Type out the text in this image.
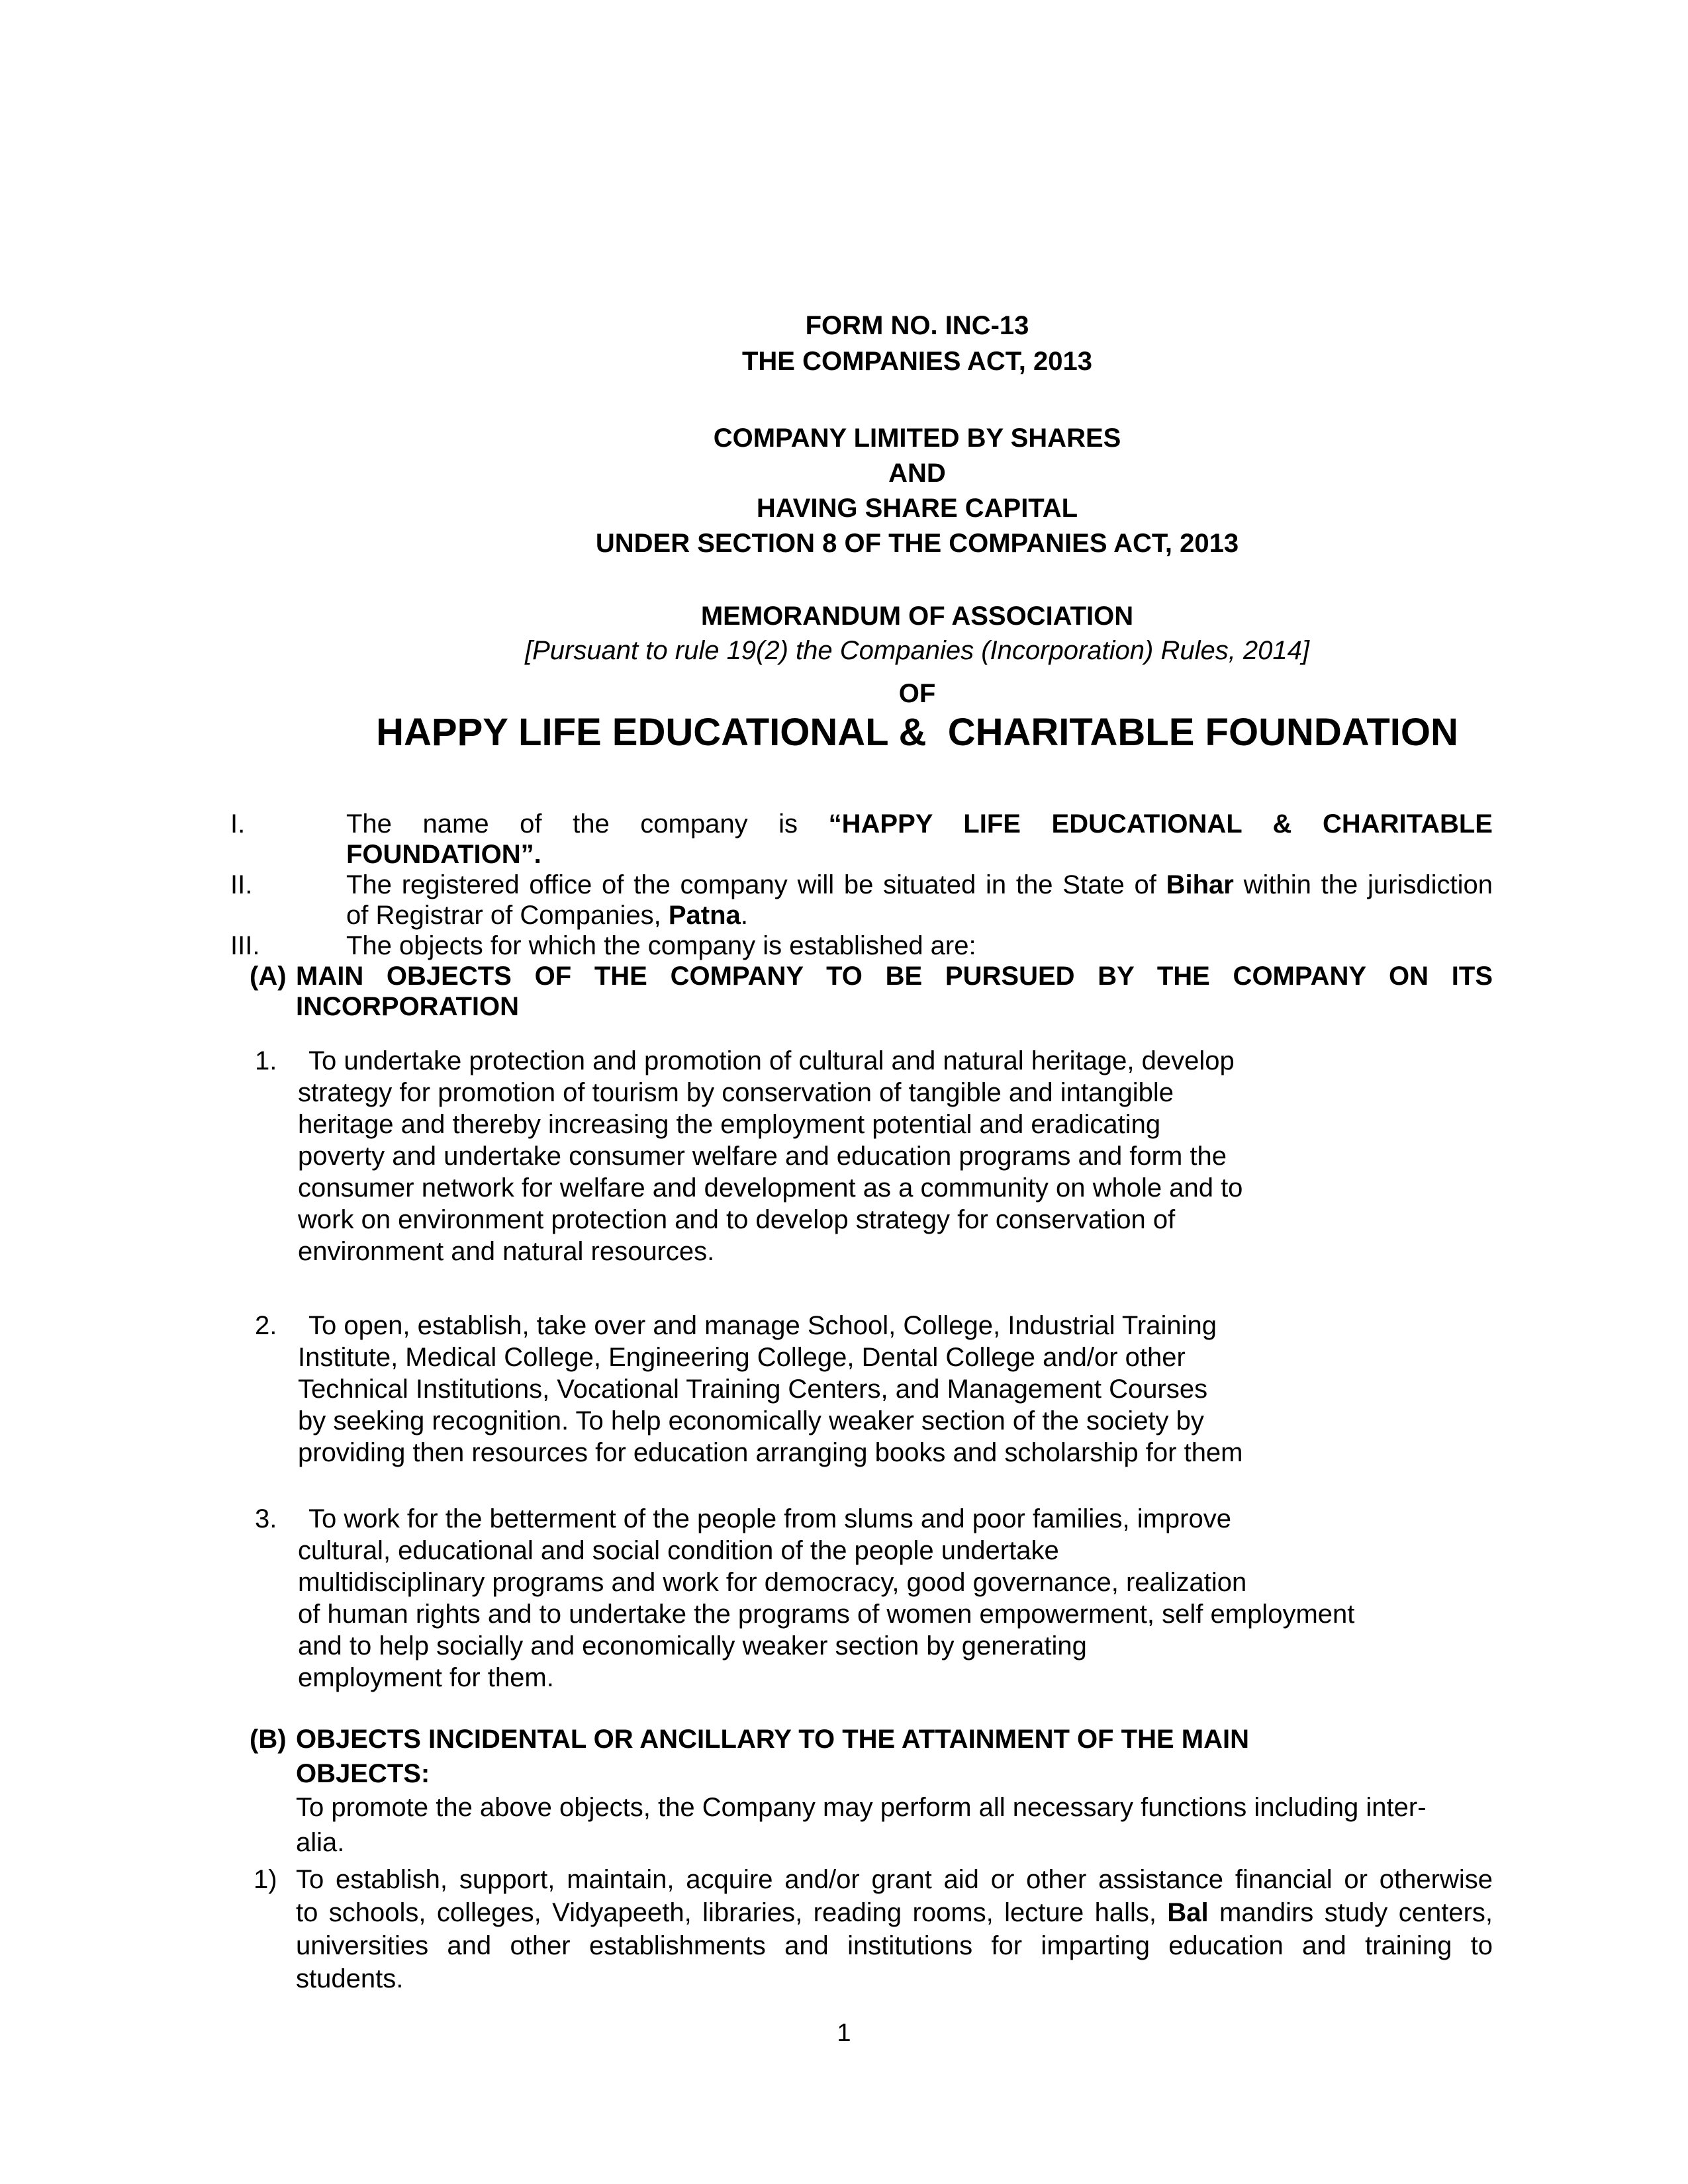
FORM NO. INC-13
THE COMPANIES ACT, 2013
COMPANY LIMITED BY SHARES
AND
HAVING SHARE CAPITAL
UNDER SECTION 8 OF THE COMPANIES ACT, 2013
MEMORANDUM OF ASSOCIATION
[Pursuant to rule 19(2) the Companies (Incorporation) Rules, 2014]
OF
HAPPY LIFE EDUCATIONAL &  CHARITABLE FOUNDATION
I.	The name of the company is “HAPPY LIFE EDUCATIONAL & CHARITABLE
FOUNDATION”.
II.	The registered office of the company will be situated in the State of Bihar within the jurisdiction
of Registrar of Companies, Patna.
III.	The objects for which the company is established are:
(A) MAIN OBJECTS OF THE COMPANY TO BE PURSUED BY THE COMPANY ON ITS
INCORPORATION
1.	To undertake protection and promotion of cultural and natural heritage, develop
strategy for promotion of tourism by conservation of tangible and intangible
heritage and thereby increasing the employment potential and eradicating
poverty and undertake consumer welfare and education programs and form the
consumer network for welfare and development as a community on whole and to
work on environment protection and to develop strategy for conservation of
environment and natural resources.
2.	To open, establish, take over and manage School, College, Industrial Training
Institute, Medical College, Engineering College, Dental College and/or other
Technical Institutions, Vocational Training Centers, and Management Courses
by seeking recognition. To help economically weaker section of the society by
providing then resources for education arranging books and scholarship for them
3.	To work for the betterment of the people from slums and poor families, improve
cultural, educational and social condition of the people undertake
multidisciplinary programs and work for democracy, good governance, realization
of human rights and to undertake the programs of women empowerment, self employment
and to help socially and economically weaker section by generating
employment for them.
(B) OBJECTS INCIDENTAL OR ANCILLARY TO THE ATTAINMENT OF THE MAIN
OBJECTS:
To promote the above objects, the Company may perform all necessary functions including inter-
alia.
1) To establish, support, maintain, acquire and/or grant aid or other assistance financial or otherwise
to schools, colleges, Vidyapeeth, libraries, reading rooms, lecture halls, Bal mandirs study centers,
universities and other establishments and institutions for imparting education and training to
students.
1
